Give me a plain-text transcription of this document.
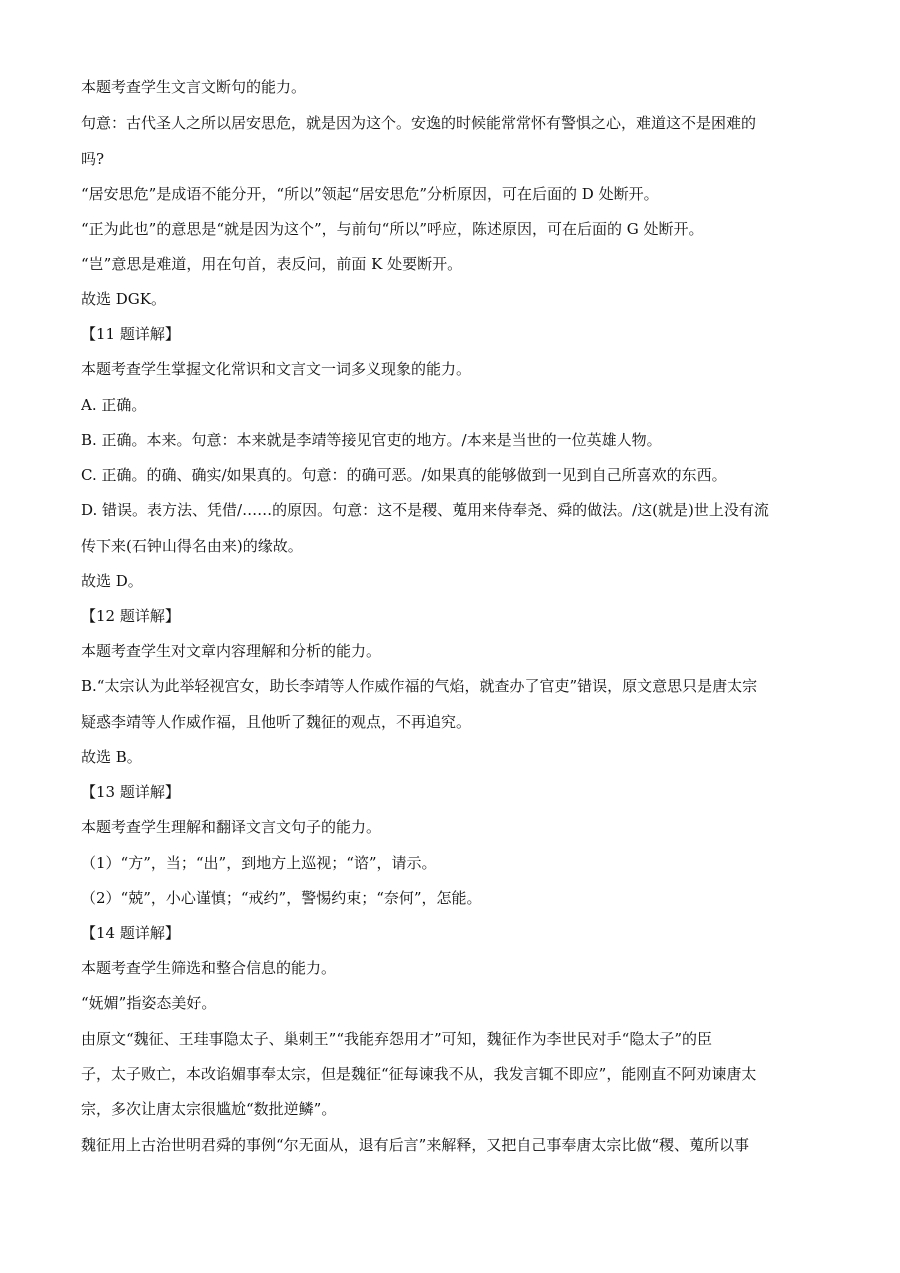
本题考查学生文言文断句的能力。
句意：古代圣人之所以居安思危，就是因为这个。安逸的时候能常常怀有警惧之心，难道这不是困难的
吗?
“居安思危”是成语不能分开，“所以”领起“居安思危”分析原因，可在后面的 D 处断开。
“正为此也”的意思是“就是因为这个”，与前句“所以”呼应，陈述原因，可在后面的 G 处断开。
“岂”意思是难道，用在句首，表反问，前面 K 处要断开。
故选 DGK。
【11 题详解】
本题考查学生掌握文化常识和文言文一词多义现象的能力。
A. 正确。
B. 正确。本来。句意：本来就是李靖等接见官吏的地方。/本来是当世的一位英雄人物。
C. 正确。的确、确实/如果真的。句意：的确可恶。/如果真的能够做到一见到自己所喜欢的东西。
D. 错误。表方法、凭借/……的原因。句意：这不是稷、蒐用来侍奉尧、舜的做法。/这(就是)世上没有流
传下来(石钟山得名由来)的缘故。
故选 D。
【12 题详解】
本题考查学生对文章内容理解和分析的能力。
B.“太宗认为此举轻视宫女，助长李靖等人作威作福的气焰，就查办了官吏”错误，原文意思只是唐太宗
疑惑李靖等人作威作福，且他听了魏征的观点，不再追究。
故选 B。
【13 题详解】
本题考查学生理解和翻译文言文句子的能力。
（1）“方”，当；“出”，到地方上巡视；“谘”，请示。
（2）“兢”，小心谨慎；“戒约”，警惕约束；“奈何”，怎能。
【14 题详解】
本题考查学生筛选和整合信息的能力。
“妩媚”指姿态美好。
由原文“魏征、王珪事隐太子、巢刺王”“我能弃怨用才”可知，魏征作为李世民对手“隐太子”的臣
子，太子败亡，本改谄媚事奉太宗，但是魏征“征每谏我不从，我发言辄不即应”，能刚直不阿劝谏唐太
宗，多次让唐太宗很尴尬“数批逆鳞”。
魏征用上古治世明君舜的事例“尔无面从，退有后言”来解释，又把自己事奉唐太宗比做“稷、蒐所以事
